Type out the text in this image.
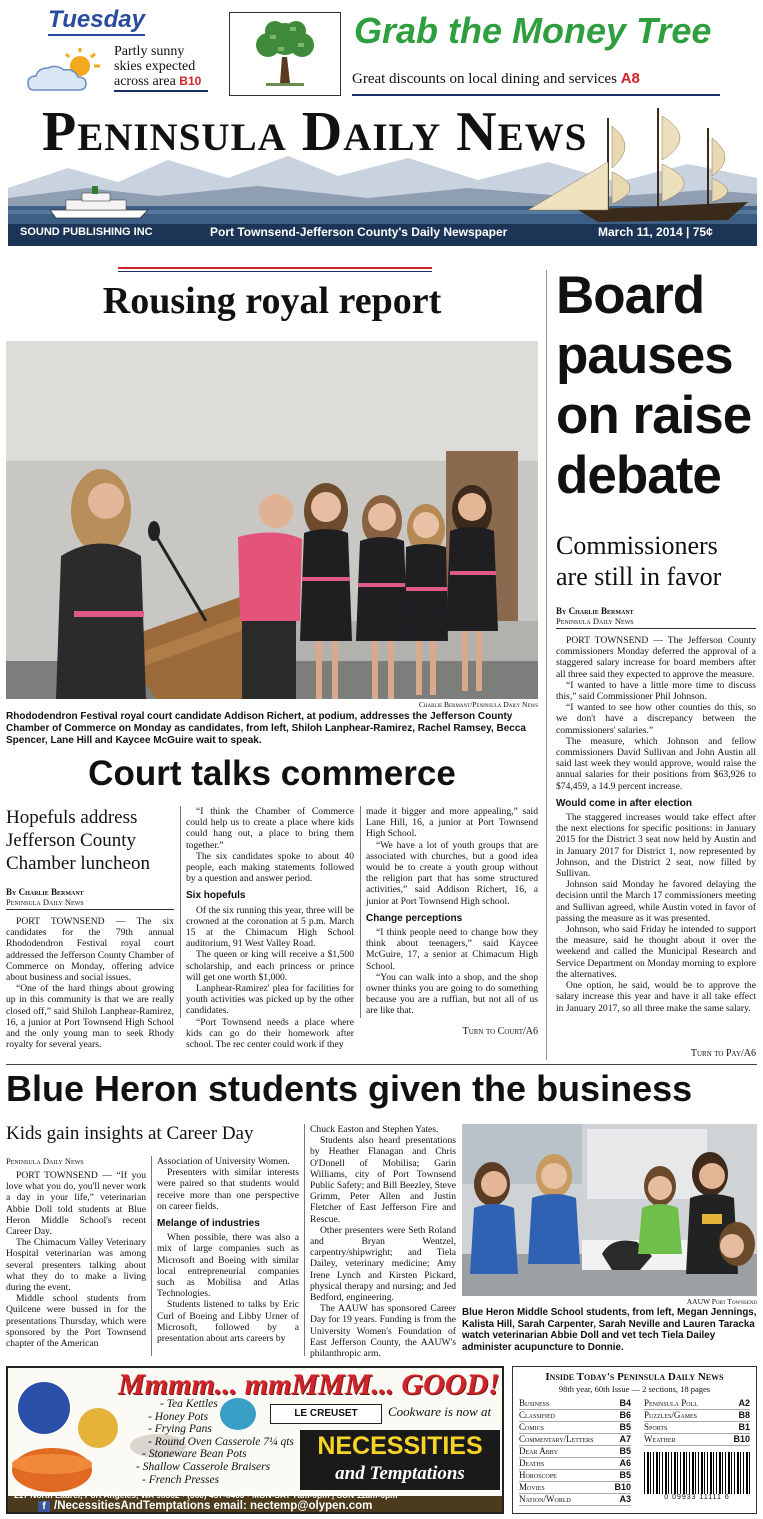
Tuesday
Partly sunny skies expected across area B10
Grab the Money Tree
Great discounts on local dining and services A8
Peninsula Daily News
SOUND PUBLISHING INC	Port Townsend-Jefferson County's Daily Newspaper	March 11, 2014 | 75¢
Rousing royal report
Charlie Bermant/Peninsula Daily News
Rhododendron Festival royal court candidate Addison Richert, at podium, addresses the Jefferson County Chamber of Commerce on Monday as candidates, from left, Shiloh Lanphear-Ramirez, Rachel Ramsey, Becca Spencer, Lane Hill and Kaycee McGuire wait to speak.
Court talks commerce
Hopefuls address Jefferson County Chamber luncheon
By Charlie Bermant
Peninsula Daily News

PORT TOWNSEND — The six candidates for the 79th annual Rhododendron Festival royal court addressed the Jefferson County Chamber of Commerce on Monday, offering advice about business and social issues.

“One of the hard things about growing up in this community is that we are really closed off,” said Shiloh Lanphear-Ramirez, 16, a junior at Port Townsend High School and the only young man to seek Rhody royalty for several years.

“I think the Chamber of Commerce could help us to create a place where kids could hang out, a place to bring them together.”

The six candidates spoke to about 40 people, each making statements followed by a question and answer period.

Six hopefuls

Of the six running this year, three will be crowned at the coronation at 5 p.m. March 15 at the Chimacum High School auditorium, 91 West Valley Road.

The queen or king will receive a $1,500 scholarship, and each princess or prince will get one worth $1,000.

Lanphear-Ramirez' plea for facilities for youth activities was picked up by the other candidates.

“Port Townsend needs a place where kids can go do their homework after school. The rec center could work if they

made it bigger and more appealing,” said Lane Hill, 16, a junior at Port Townsend High School.

“We have a lot of youth groups that are associated with churches, but a good idea would be to create a youth group without the religion part that has some structured activities,” said Addison Richert, 16, a junior at Port Townsend High school.

Change perceptions

“I think people need to change how they think about teenagers,” said Kaycee McGuire, 17, a senior at Chimacum High School.

“You can walk into a shop, and the shop owner thinks you are going to do something because you are a ruffian, but not all of us are like that.

Turn to Court/A6
Board pauses on raise debate
Commissioners are still in favor
By Charlie Bermant
Peninsula Daily News

PORT TOWNSEND — The Jefferson County commissioners Monday deferred the approval of a staggered salary increase for board members after all three said they expected to approve the measure.

“I wanted to have a little more time to discuss this,” said Commissioner Phil Johnson.

“I wanted to see how other counties do this, so we don't have a discrepancy between the commissioners' salaries.”

The measure, which Johnson and fellow commissioners David Sullivan and John Austin all said last week they would approve, would raise the annual salaries for their positions from $63,926 to $74,459, a 14.9 percent increase.

Would come in after election

The staggered increases would take effect after the next elections for specific positions: in January 2015 for the District 3 seat now held by Austin and in January 2017 for District 1, now represented by Johnson, and the District 2 seat, now filled by Sullivan.

Johnson said Monday he favored delaying the decision until the March 17 commissioners meeting and Sullivan agreed, while Austin voted in favor of passing the measure as it was presented.

Johnson, who said Friday he intended to support the measure, said he thought about it over the weekend and called the Municipal Research and Service Department on Monday morning to explore the alternatives.

One option, he said, would be to approve the salary increase this year and have it all take effect in January 2017, so all three make the same salary.

Turn to Pay/A6
Blue Heron students given the business
Kids gain insights at Career Day
Peninsula Daily News

PORT TOWNSEND — “If you love what you do, you'll never work a day in your life,” veterinarian Abbie Doll told students at Blue Heron Middle School's recent Career Day.

The Chimacum Valley Veterinary Hospital veterinarian was among several presenters talking about what they do to make a living during the event.

Middle school students from Quilcene were bussed in for the presentations Thursday, which were sponsored by the Port Townsend chapter of the American

Association of University Women.

Presenters with similar interests were paired so that students would receive more than one perspective on career fields.

Melange of industries

When possible, there was also a mix of large companies such as Microsoft and Boeing with similar local entrepreneurial companies such as Mobilisa and Atlas Technologies.

Students listened to talks by Eric Curl of Boeing and Libby Urner of Microsoft, followed by a presentation about arts careers by

Chuck Easton and Stephen Yates.

Students also heard presentations by Heather Flanagan and Chris O'Donell of Mobilisa; Garin Williams, city of Port Townsend Public Safety; and Bill Beezley, Steve Grimm, Peter Allen and Justin Fletcher of East Jefferson Fire and Rescue.

Other presenters were Seth Roland and Bryan Wentzel, carpentry/shipwright; and Tiela Dailey, veterinary medicine; Amy Irene Lynch and Kirsten Pickard, physical therapy and nursing; and Jed Bedford, engineering.

The AAUW has sponsored Career Day for 19 years. Funding is from the University Women's Foundation of East Jefferson County, the AAUW's philanthropic arm.

AAUW Port Townsend
Blue Heron Middle School students, from left, Megan Jennings, Kalista Hill, Sarah Carpenter, Sarah Neville and Lauren Taracka watch veterinarian Abbie Doll and vet tech Tiela Dailey administer acupuncture to Donnie.
Mmmm... mmMMM... GOOD!
- Tea Kettles
- Honey Pots
- Frying Pans
- Round Oven Casserole 7¼ qts
- Stoneware Bean Pots
- Shallow Casserole Braisers
- French Presses
LE CREUSET	Cookware is now at
NECESSITIES
and Temptations
217 North Laurel, Port Angeles, WA 98362 • (360) 457-6400 • MON-SAT 7am-6pm | SUN 11am-6pm
f /NecessitiesAndTemptations email: nectemp@olypen.com
Inside Today's Peninsula Daily News
98th year, 60th Issue — 2 sections, 18 pages
Business	B4
Classified	B6
Comics	B5
Commentary/Letters	A7
Dear Abby	B5
Deaths	A6
Horoscope	B5
Movies	B10
Nation/World	A3
Peninsula Poll	A2
Puzzles/Games	B8
Sports	B1
Weather	B10
0 09933 11111 6
